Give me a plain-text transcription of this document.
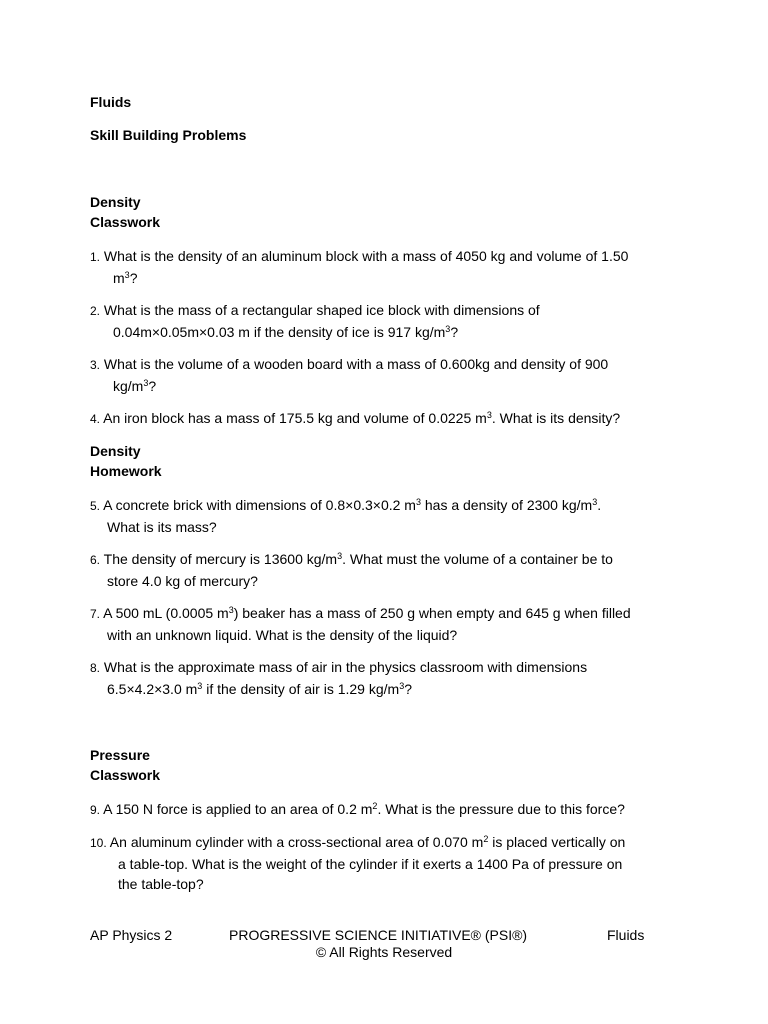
Fluids
Skill Building Problems
Density
Classwork
1. What is the density of an aluminum block with a mass of 4050 kg and volume of 1.50
$m^3$?
2. What is the mass of a rectangular shaped ice block with dimensions of
0.04m×0.05m×0.03 m if the density of ice is 917 $kg/m^3$?
3. What is the volume of a wooden board with a mass of 0.600kg and density of 900
$kg/m^3$?
4. An iron block has a mass of 175.5 kg and volume of 0.0225 $m^3$. What is its density?
Density
Homework
5. A concrete brick with dimensions of 0.8×0.3×0.2 $m^3$ has a density of 2300 $kg/m^3$.
What is its mass?
6. The density of mercury is 13600 $kg/m^3$. What must the volume of a container be to
store 4.0 kg of mercury?
7. A 500 mL (0.0005 $m^3$) beaker has a mass of 250 g when empty and 645 g when filled
with an unknown liquid. What is the density of the liquid?
8. What is the approximate mass of air in the physics classroom with dimensions
6.5×4.2×3.0 $m^3$ if the density of air is 1.29 $kg/m^3$?
Pressure
Classwork
9. A 150 N force is applied to an area of 0.2 $m^2$. What is the pressure due to this force?
10. An aluminum cylinder with a cross-sectional area of 0.070 $m^2$ is placed vertically on
a table-top. What is the weight of the cylinder if it exerts a 1400 Pa of pressure on
the table-top?
AP Physics 2	PROGRESSIVE SCIENCE INITIATIVE® (PSI®)	Fluids
© All Rights Reserved
